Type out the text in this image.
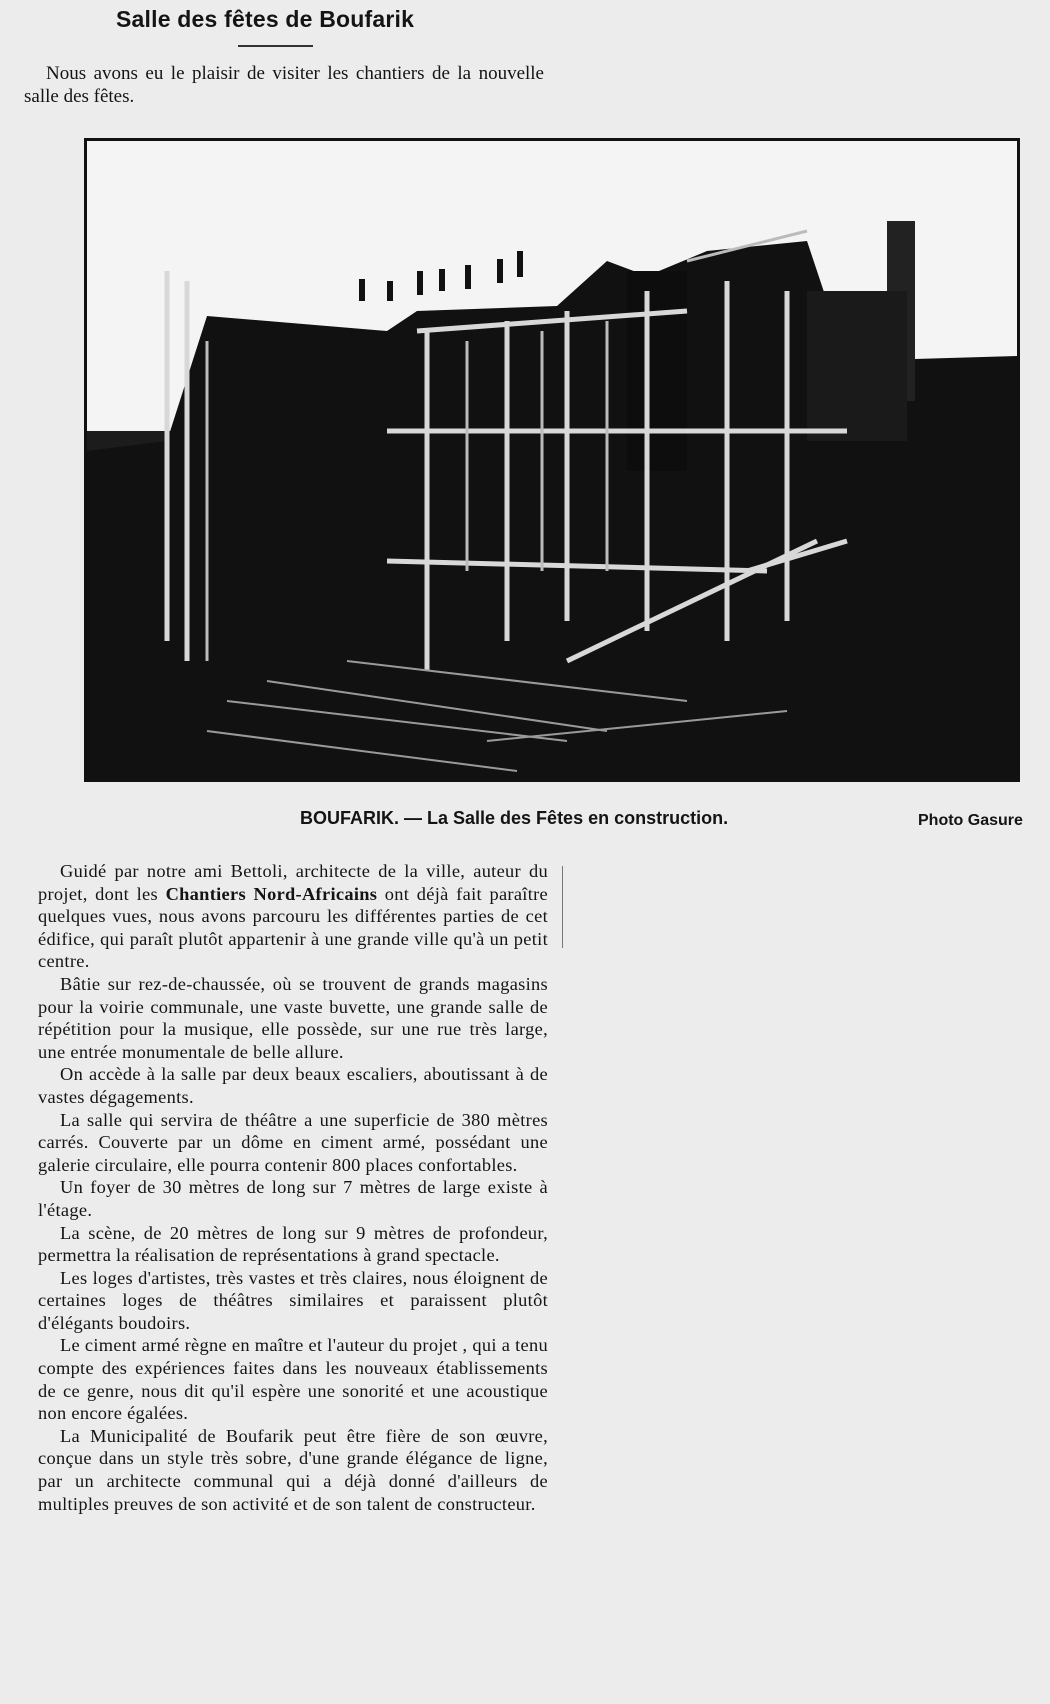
Salle des fêtes de Boufarik
Nous avons eu le plaisir de visiter les chantiers de la nouvelle salle des fêtes.
BOUFARIK. — La Salle des Fêtes en construction.	Photo Gasure

Guidé par notre ami Bettoli, architecte de la ville, auteur du projet, dont les Chantiers Nord-Africains ont déjà fait paraître quelques vues, nous avons parcouru les différentes parties de cet édifice, qui paraît plutôt appartenir à une grande ville qu'à un petit centre.

Bâtie sur rez-de-chaussée, où se trouvent de grands magasins pour la voirie communale, une vaste buvette, une grande salle de répétition pour la musique, elle possède, sur une rue très large, une entrée monumentale de belle allure.

On accède à la salle par deux beaux escaliers, aboutissant à de vastes dégagements.

La salle qui servira de théâtre a une superficie de 380 mètres carrés. Couverte par un dôme en ciment armé, possédant une galerie circulaire, elle pourra contenir 800 places confortables.

Un foyer de 30 mètres de long sur 7 mètres de large existe à l'étage.

La scène, de 20 mètres de long sur 9 mètres de profondeur, permettra la réalisation de représentations à grand spectacle.

Les loges d'artistes, très vastes et très claires, nous éloignent de certaines loges de théâtres similaires et paraissent plutôt d'élégants boudoirs.

Le ciment armé règne en maître et l'auteur du projet , qui a tenu compte des expériences faites dans les nouveaux établissements de ce genre, nous dit qu'il espère une sonorité et une acoustique non encore égalées.

La Municipalité de Boufarik peut être fière de son œuvre, conçue dans un style très sobre, d'une grande élégance de ligne, par un architecte communal qui a déjà donné d'ailleurs de multiples preuves de son activité et de son talent de constructeur.
